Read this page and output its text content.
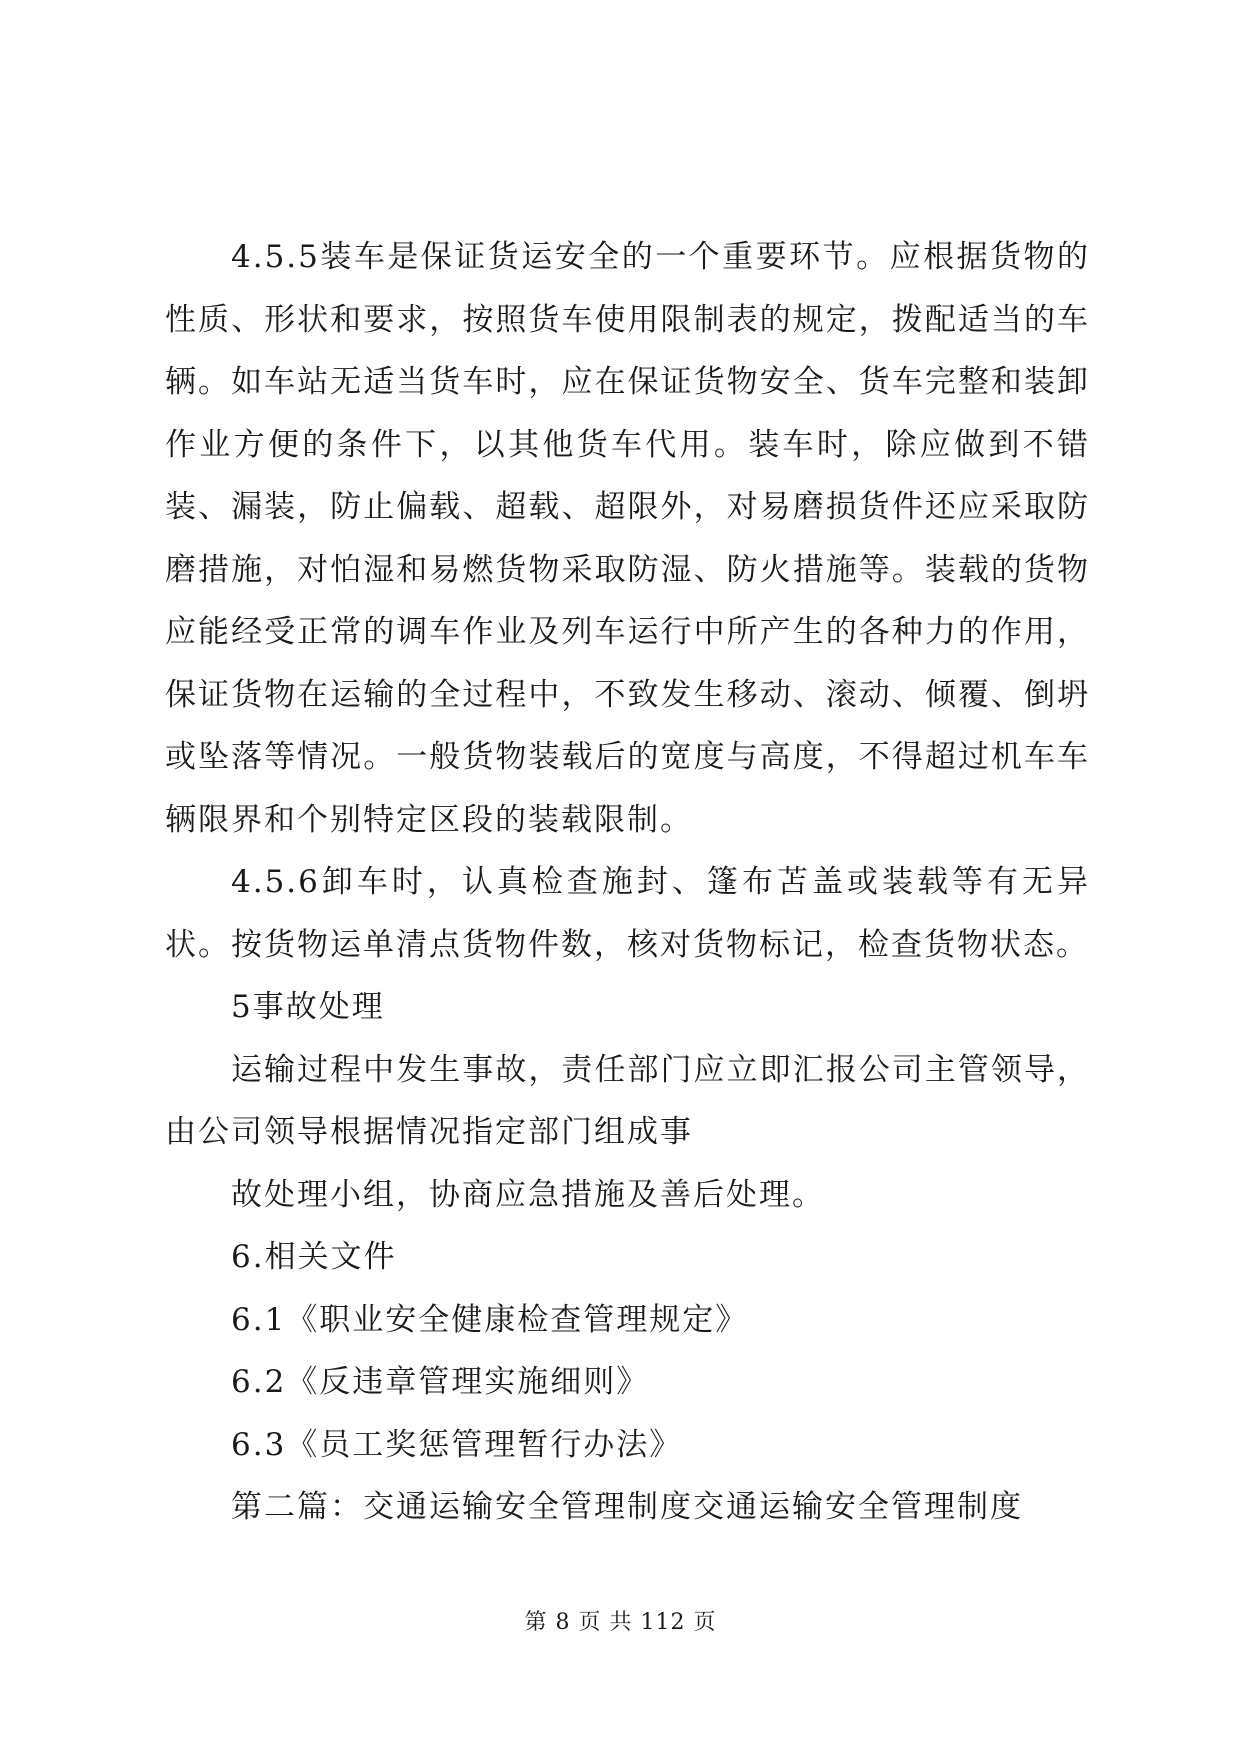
4.5.5装车是保证货运安全的一个重要环节。应根据货物的性质、形状和要求，按照货车使用限制表的规定，拨配适当的车辆。如车站无适当货车时，应在保证货物安全、货车完整和装卸作业方便的条件下，以其他货车代用。装车时，除应做到不错装、漏装，防止偏载、超载、超限外，对易磨损货件还应采取防磨措施，对怕湿和易燃货物采取防湿、防火措施等。装载的货物应能经受正常的调车作业及列车运行中所产生的各种力的作用，保证货物在运输的全过程中，不致发生移动、滚动、倾覆、倒坍或坠落等情况。一般货物装载后的宽度与高度，不得超过机车车辆限界和个别特定区段的装载限制。

4.5.6卸车时，认真检查施封、篷布苫盖或装载等有无异状。按货物运单清点货物件数，核对货物标记，检查货物状态。

5事故处理

运输过程中发生事故，责任部门应立即汇报公司主管领导，由公司领导根据情况指定部门组成事

故处理小组，协商应急措施及善后处理。

6.相关文件

6.1《职业安全健康检查管理规定》

6.2《反违章管理实施细则》

6.3《员工奖惩管理暂行办法》

第二篇：交通运输安全管理制度交通运输安全管理制度

第 8 页 共 112 页
